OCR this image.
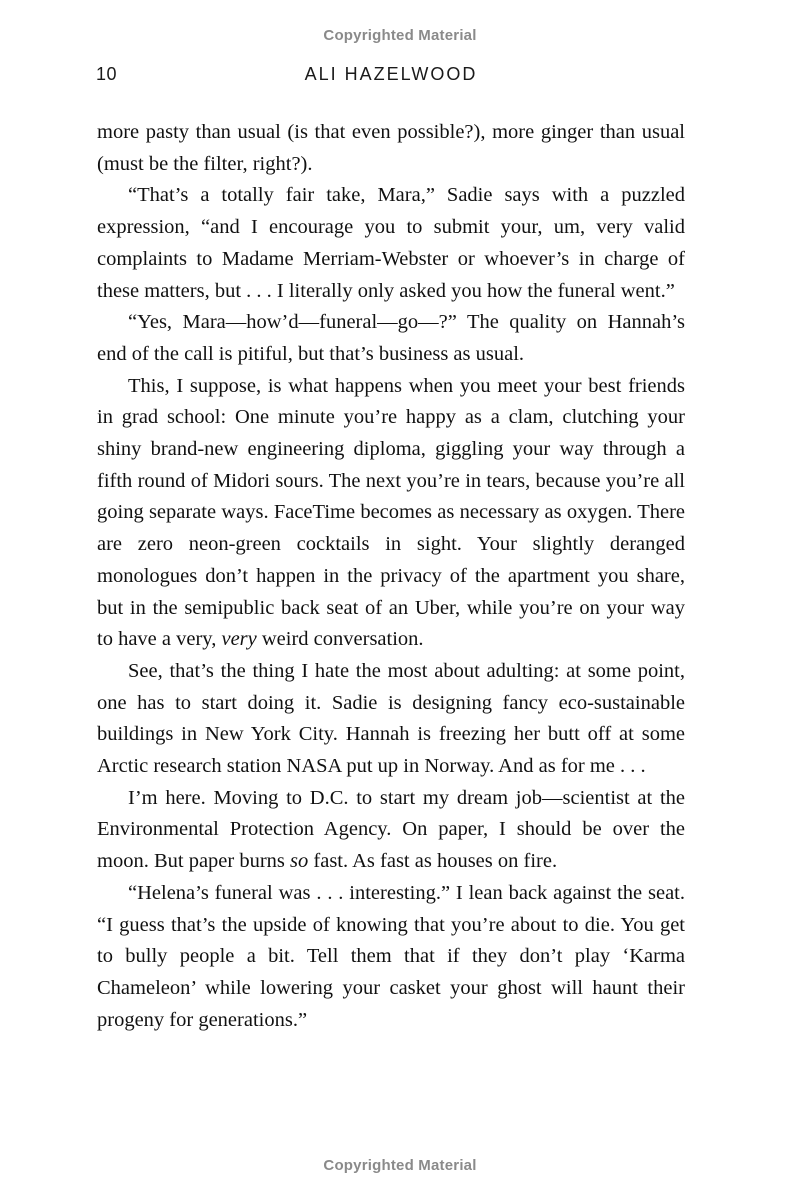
Copyrighted Material
10	ALI HAZELWOOD

more pasty than usual (is that even possible?), more ginger than usual (must be the filter, right?).

“That’s a totally fair take, Mara,” Sadie says with a puzzled expression, “and I encourage you to submit your, um, very valid complaints to Madame Merriam-Webster or whoever’s in charge of these matters, but . . . I literally only asked you how the funeral went.”

“Yes, Mara—how’d—funeral—go—?” The quality on Hannah’s end of the call is pitiful, but that’s business as usual.

This, I suppose, is what happens when you meet your best friends in grad school: One minute you’re happy as a clam, clutching your shiny brand-new engineering diploma, giggling your way through a fifth round of Midori sours. The next you’re in tears, because you’re all going separate ways. FaceTime becomes as necessary as oxygen. There are zero neon-green cocktails in sight. Your slightly deranged monologues don’t happen in the privacy of the apartment you share, but in the semipublic back seat of an Uber, while you’re on your way to have a very, very weird conversation.

See, that’s the thing I hate the most about adulting: at some point, one has to start doing it. Sadie is designing fancy eco-sustainable buildings in New York City. Hannah is freezing her butt off at some Arctic research station NASA put up in Norway. And as for me . . .

I’m here. Moving to D.C. to start my dream job—scientist at the Environmental Protection Agency. On paper, I should be over the moon. But paper burns so fast. As fast as houses on fire.

“Helena’s funeral was . . . interesting.” I lean back against the seat. “I guess that’s the upside of knowing that you’re about to die. You get to bully people a bit. Tell them that if they don’t play ‘Karma Chameleon’ while lowering your casket your ghost will haunt their progeny for generations.”

Copyrighted Material
